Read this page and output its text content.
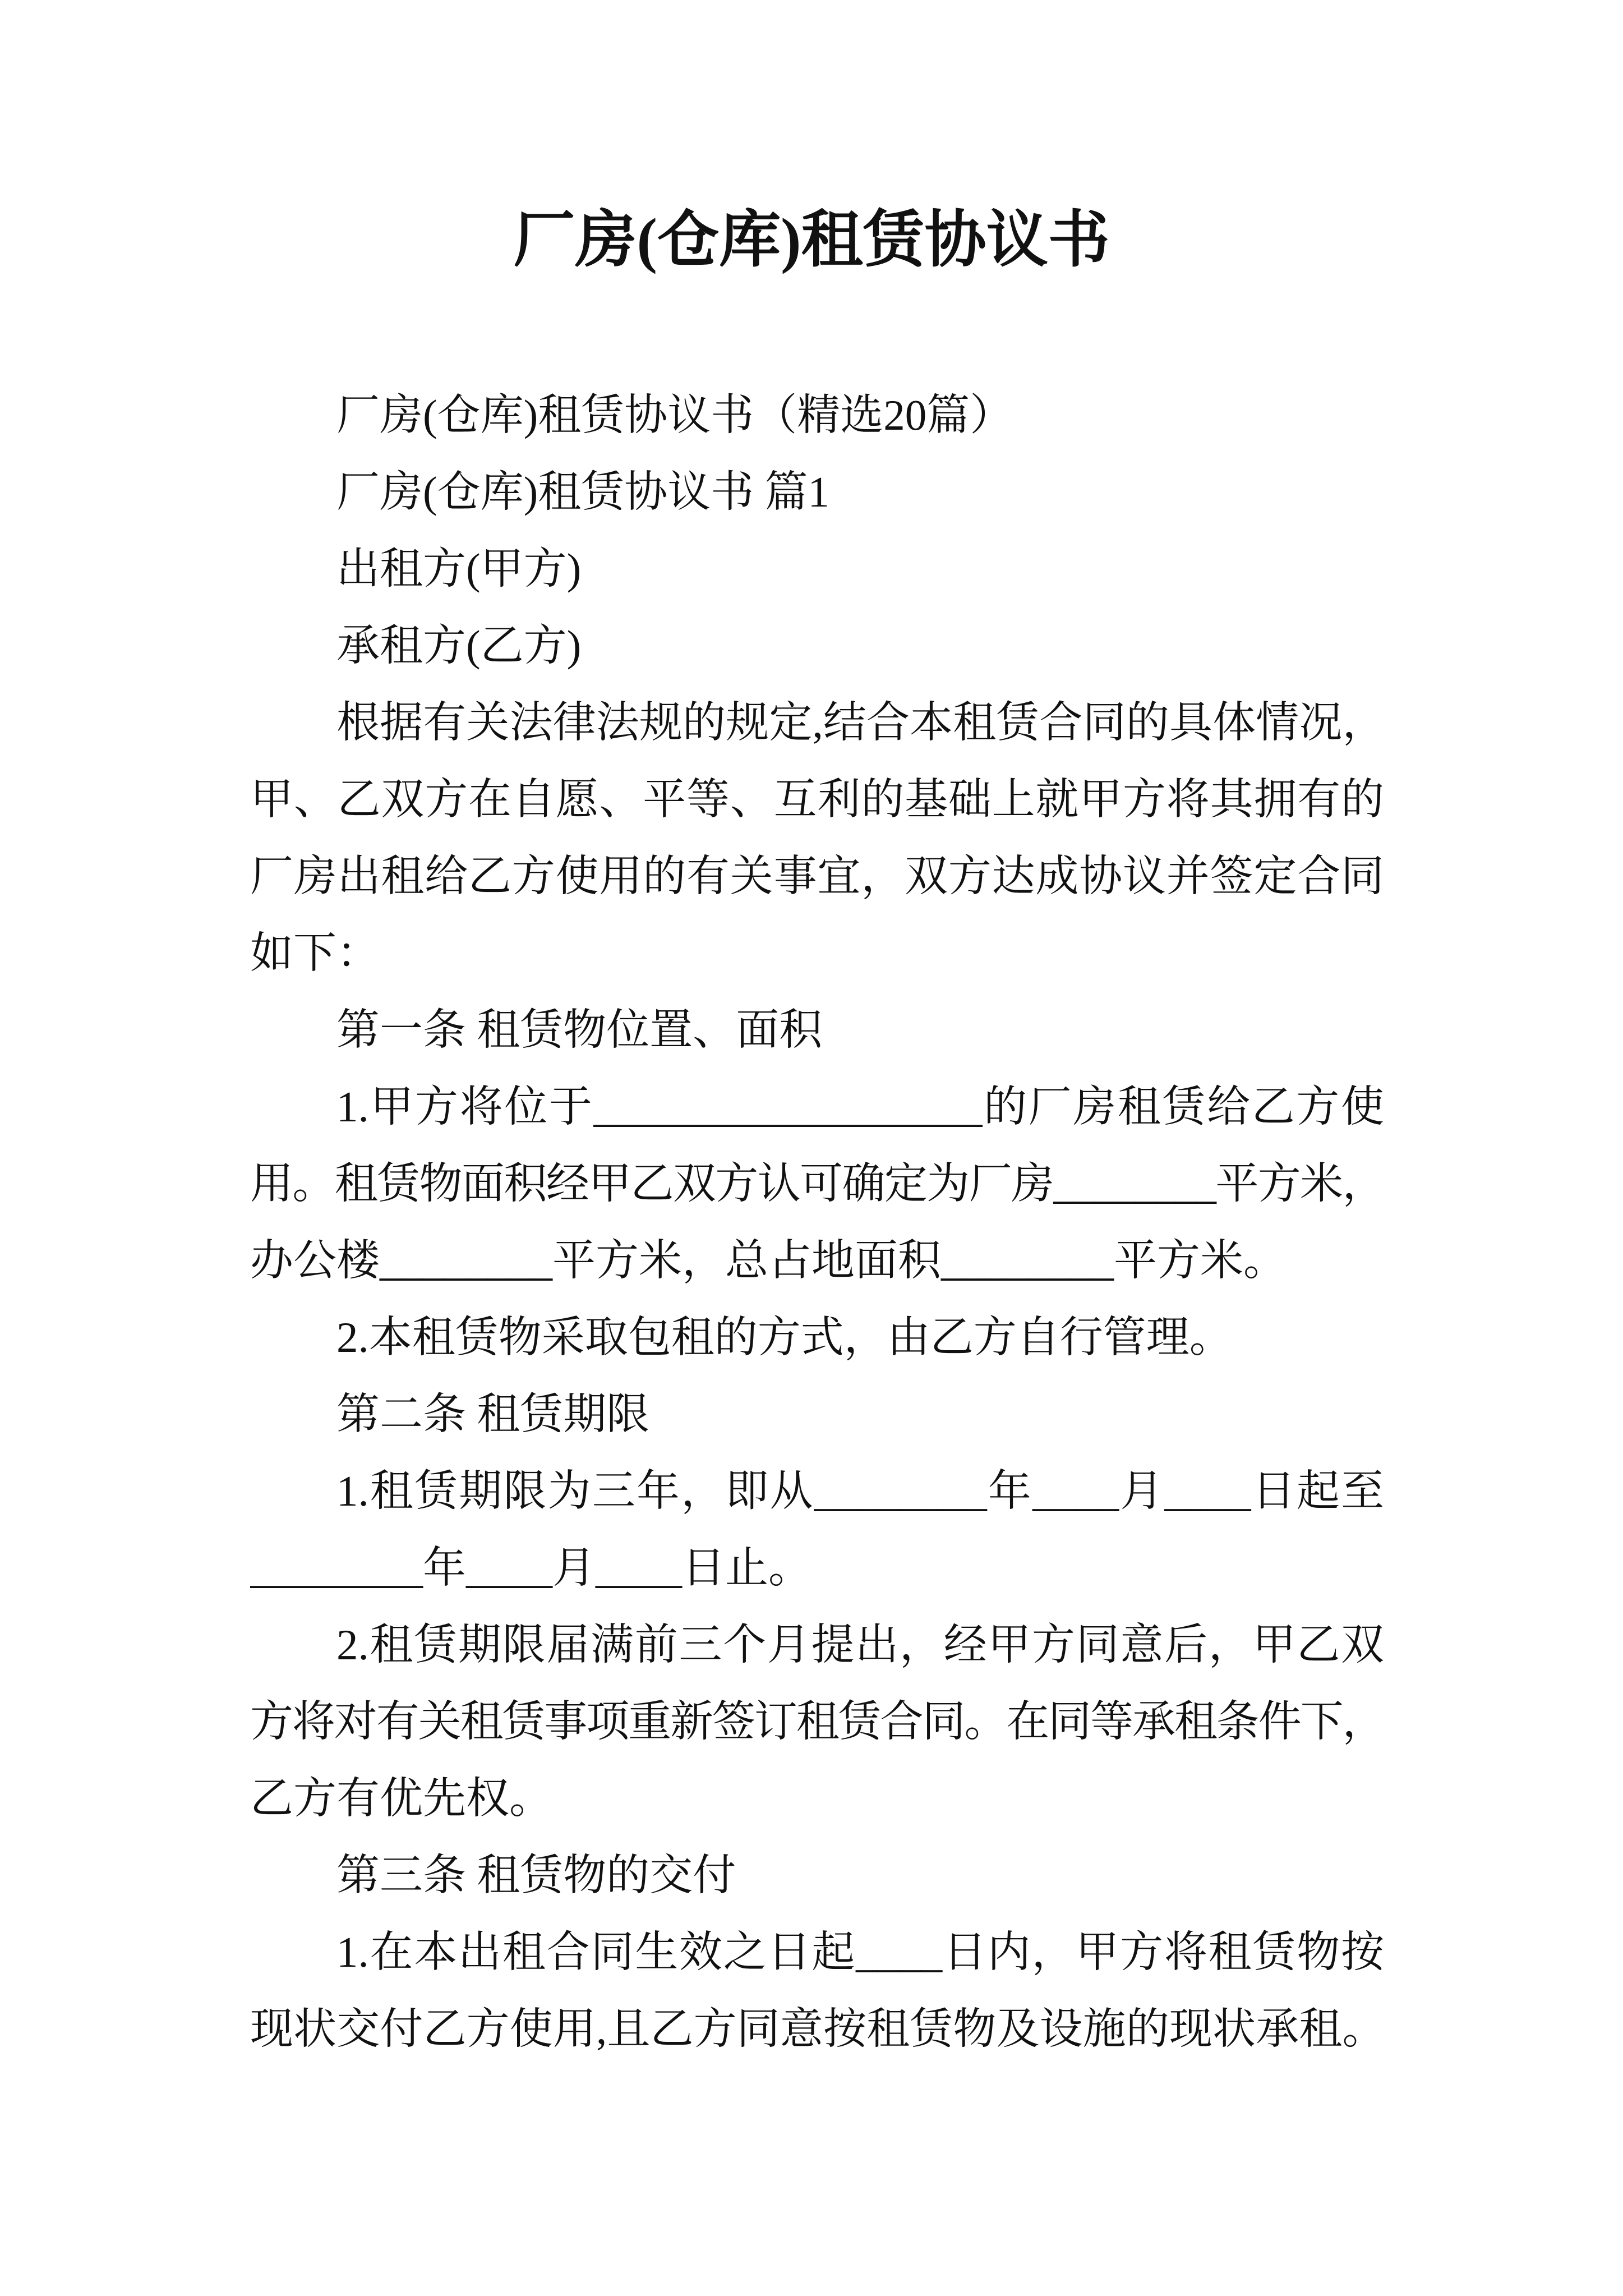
厂房(仓库)租赁协议书
厂房(仓库)租赁协议书（精选20篇）
厂房(仓库)租赁协议书 篇1
出租方(甲方)
承租方(乙方)
根据有关法律法规的规定,结合本租赁合同的具体情况，
甲、乙双方在自愿、平等、互利的基础上就甲方将其拥有的
厂房出租给乙方使用的有关事宜，双方达成协议并签定合同
如下：
第一条 租赁物位置、面积
1.甲方将位于__________________的厂房租赁给乙方使
用。租赁物面积经甲乙双方认可确定为厂房________平方米，
办公楼________平方米，总占地面积________平方米。
2.本租赁物采取包租的方式，由乙方自行管理。
第二条 租赁期限
1.租赁期限为三年，即从________年____月____日起至
________年____月____日止。
2.租赁期限届满前三个月提出，经甲方同意后，甲乙双
方将对有关租赁事项重新签订租赁合同。在同等承租条件下，
乙方有优先权。
第三条 租赁物的交付
1.在本出租合同生效之日起____日内，甲方将租赁物按
现状交付乙方使用,且乙方同意按租赁物及设施的现状承租。
